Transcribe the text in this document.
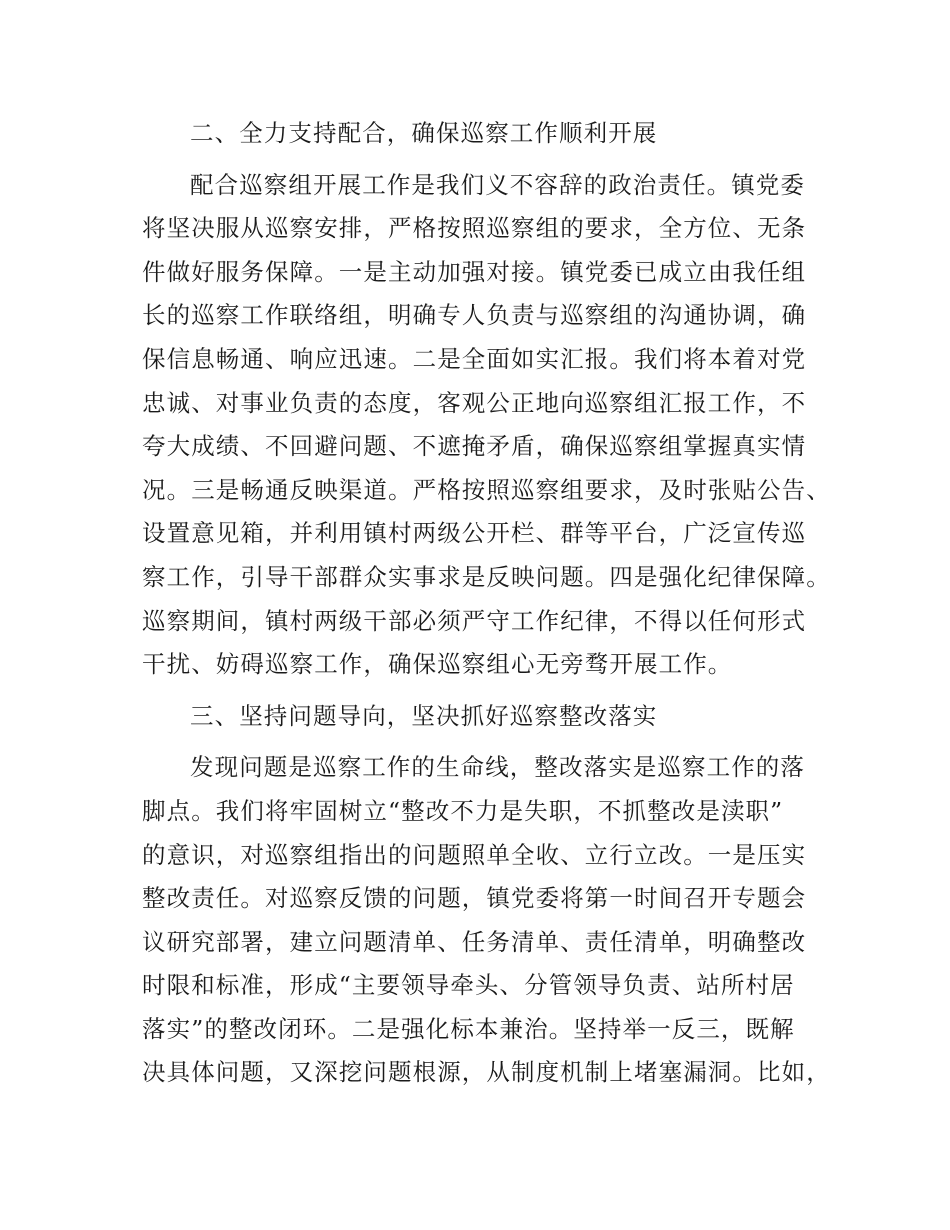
二、全力支持配合，确保巡察工作顺利开展
配合巡察组开展工作是我们义不容辞的政治责任。镇党委
将坚决服从巡察安排，严格按照巡察组的要求，全方位、无条
件做好服务保障。一是主动加强对接。镇党委已成立由我任组
长的巡察工作联络组，明确专人负责与巡察组的沟通协调，确
保信息畅通、响应迅速。二是全面如实汇报。我们将本着对党
忠诚、对事业负责的态度，客观公正地向巡察组汇报工作，不
夸大成绩、不回避问题、不遮掩矛盾，确保巡察组掌握真实情
况。三是畅通反映渠道。严格按照巡察组要求，及时张贴公告、
设置意见箱，并利用镇村两级公开栏、群等平台，广泛宣传巡
察工作，引导干部群众实事求是反映问题。四是强化纪律保障。
巡察期间，镇村两级干部必须严守工作纪律，不得以任何形式
干扰、妨碍巡察工作，确保巡察组心无旁骛开展工作。
三、坚持问题导向，坚决抓好巡察整改落实
发现问题是巡察工作的生命线，整改落实是巡察工作的落
脚点。我们将牢固树立“整改不力是失职，不抓整改是渎职”
的意识，对巡察组指出的问题照单全收、立行立改。一是压实
整改责任。对巡察反馈的问题，镇党委将第一时间召开专题会
议研究部署，建立问题清单、任务清单、责任清单，明确整改
时限和标准，形成“主要领导牵头、分管领导负责、站所村居
落实”的整改闭环。二是强化标本兼治。坚持举一反三，既解
决具体问题，又深挖问题根源，从制度机制上堵塞漏洞。比如，
